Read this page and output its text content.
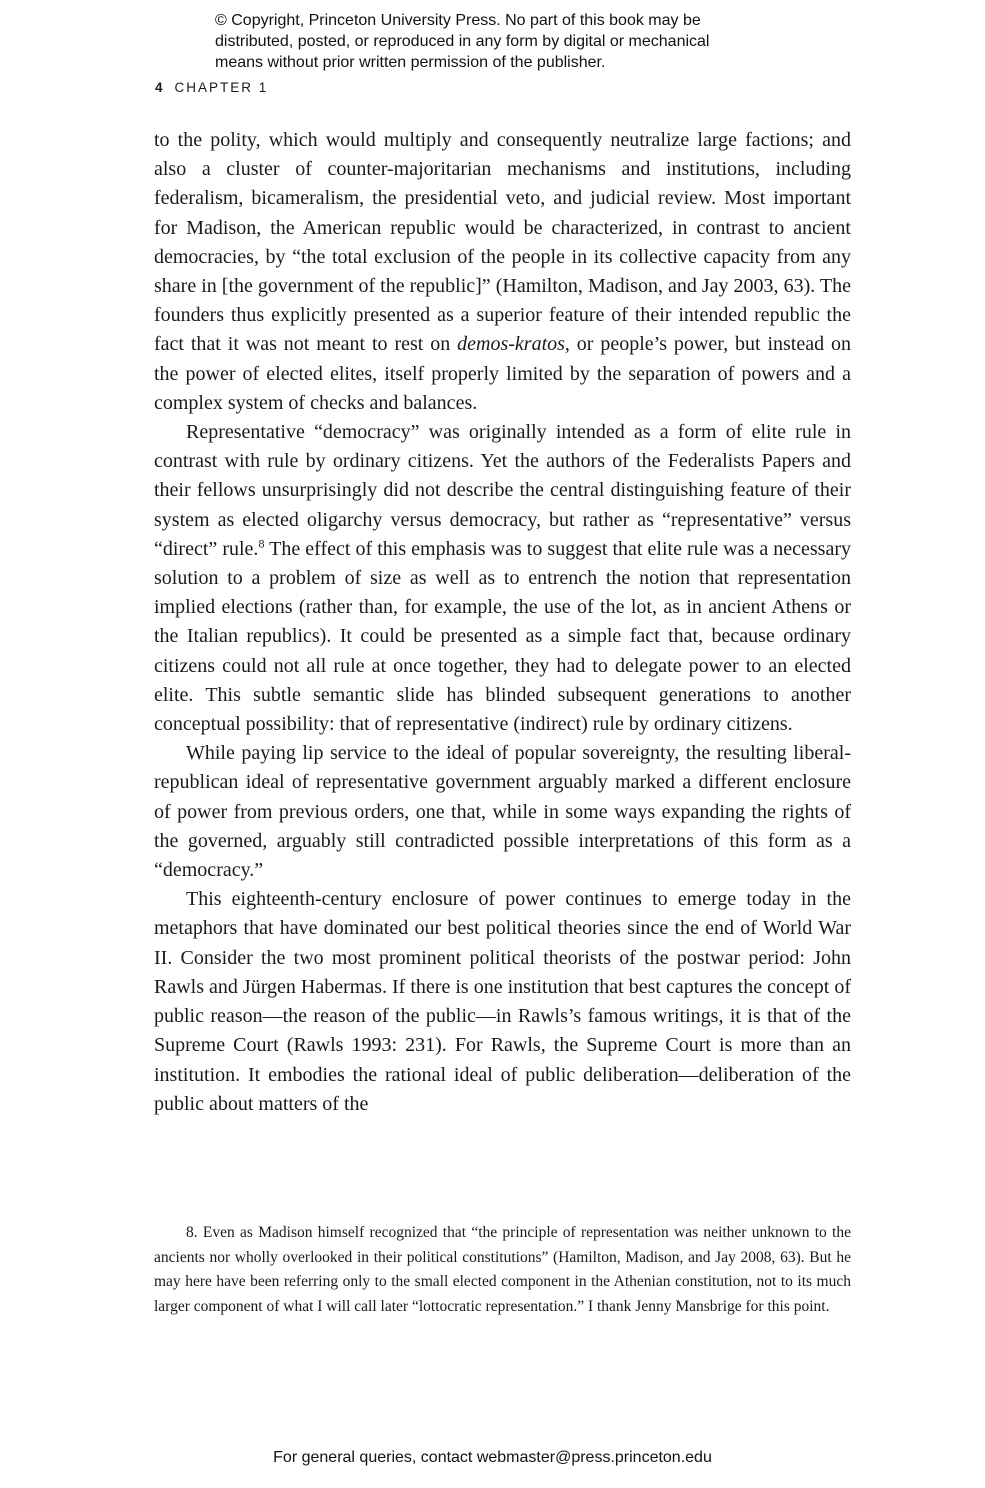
© Copyright, Princeton University Press. No part of this book may be
distributed, posted, or reproduced in any form by digital or mechanical
means without prior written permission of the publisher.
4 CHAPTER 1

to the polity, which would multiply and consequently neutralize large factions; and also a cluster of counter-majoritarian mechanisms and institutions, including federalism, bicameralism, the presidential veto, and judicial review. Most important for Madison, the American republic would be characterized, in contrast to ancient democracies, by “the total exclusion of the people in its collective capacity from any share in [the government of the republic]” (Hamilton, Madison, and Jay 2003, 63). The founders thus explicitly presented as a superior feature of their intended republic the fact that it was not meant to rest on demos-kratos, or people’s power, but instead on the power of elected elites, itself properly limited by the separation of powers and a complex system of checks and balances.

Representative “democracy” was originally intended as a form of elite rule in contrast with rule by ordinary citizens. Yet the authors of the Federalists Papers and their fellows unsurprisingly did not describe the central distinguishing feature of their system as elected oligarchy versus democracy, but rather as “representative” versus “direct” rule.$^8$ The effect of this emphasis was to suggest that elite rule was a necessary solution to a problem of size as well as to entrench the notion that representation implied elections (rather than, for example, the use of the lot, as in ancient Athens or the Italian republics). It could be presented as a simple fact that, because ordinary citizens could not all rule at once together, they had to delegate power to an elected elite. This subtle semantic slide has blinded subsequent generations to another conceptual possibility: that of representative (indirect) rule by ordinary citizens.

While paying lip service to the ideal of popular sovereignty, the resulting liberal-republican ideal of representative government arguably marked a different enclosure of power from previous orders, one that, while in some ways expanding the rights of the governed, arguably still contradicted possible interpretations of this form as a “democracy.”

This eighteenth-century enclosure of power continues to emerge today in the metaphors that have dominated our best political theories since the end of World War II. Consider the two most prominent political theorists of the postwar period: John Rawls and Jürgen Habermas. If there is one institution that best captures the concept of public reason—the reason of the public—in Rawls’s famous writings, it is that of the Supreme Court (Rawls 1993: 231). For Rawls, the Supreme Court is more than an institution. It embodies the rational ideal of public deliberation—deliberation of the public about matters of the

8. Even as Madison himself recognized that “the principle of representation was neither unknown to the ancients nor wholly overlooked in their political constitutions” (Hamilton, Madison, and Jay 2008, 63). But he may here have been referring only to the small elected component in the Athenian constitution, not to its much larger component of what I will call later “lottocratic representation.” I thank Jenny Mansbrige for this point.

For general queries, contact webmaster@press.princeton.edu
